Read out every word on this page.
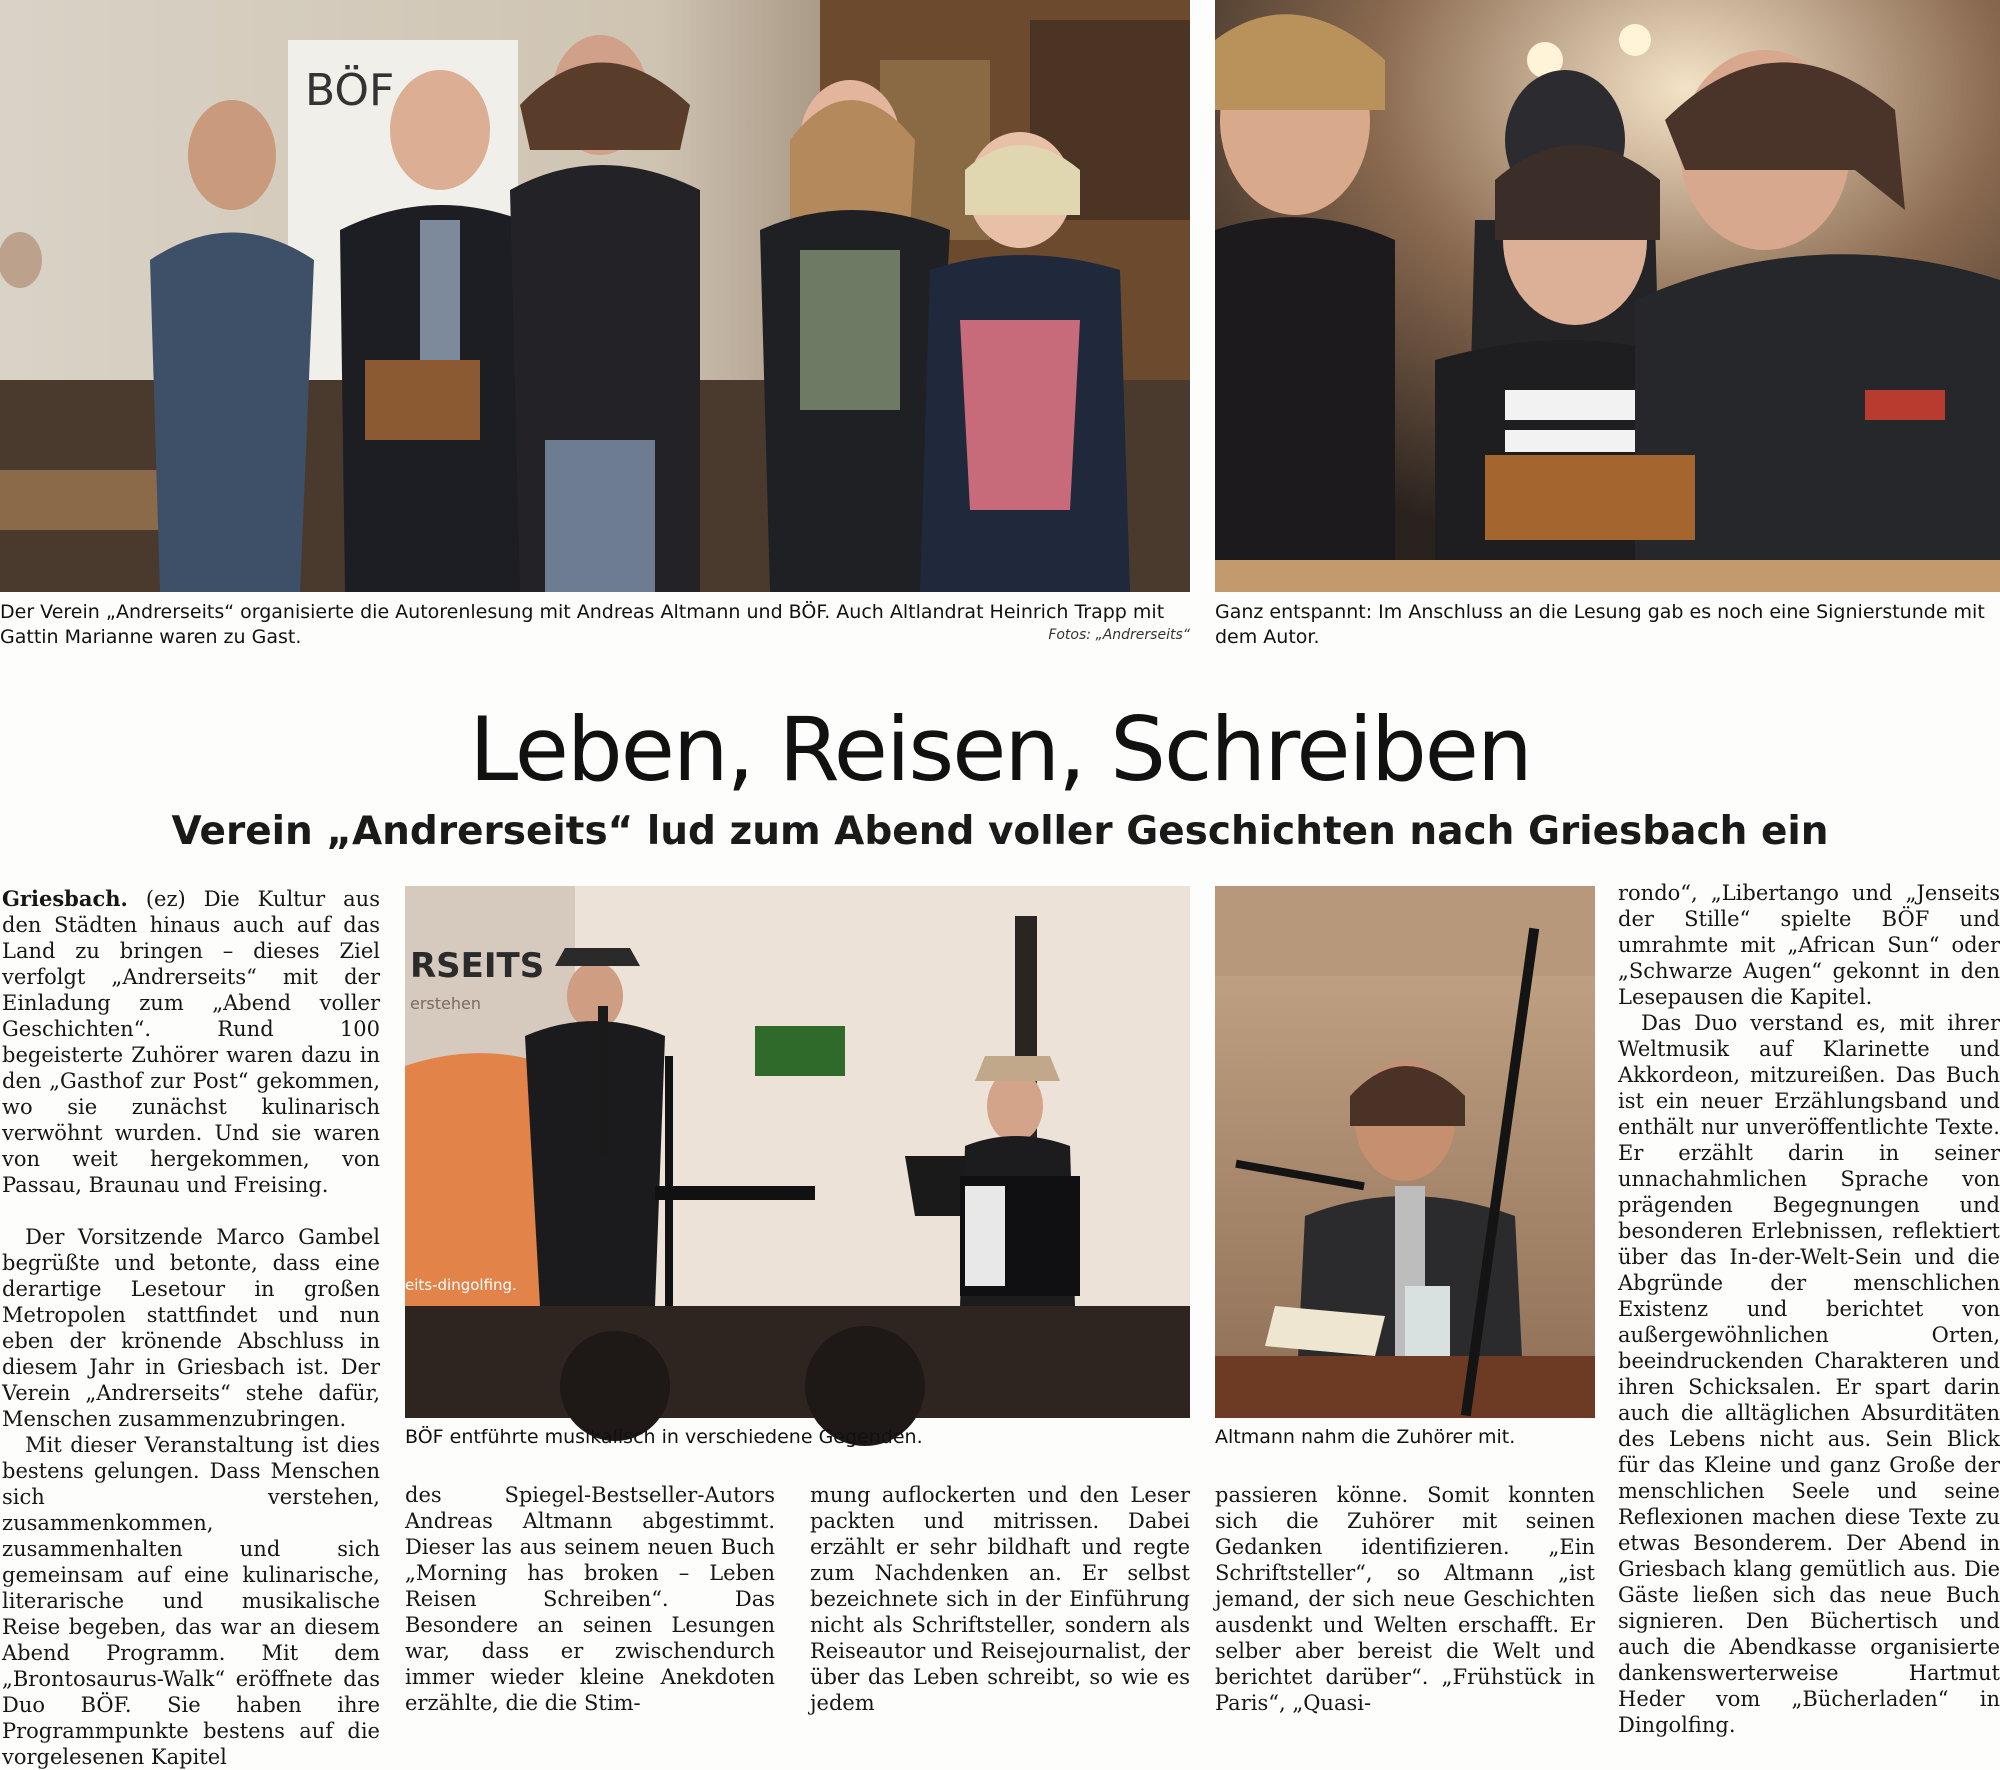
BÖF
Der Verein „Andrerseits“ organisierte die Autorenlesung mit Andreas Altmann und BÖF. Auch Altlandrat Heinrich Trapp mit Gattin Marianne waren zu Gast.	Fotos: „Andrerseits“
Ganz entspannt: Im Anschluss an die Lesung gab es noch eine Signierstunde mit dem Autor.
Leben, Reisen, Schreiben
Verein „Andrerseits“ lud zum Abend voller Geschichten nach Griesbach ein

Griesbach. (ez) Die Kultur aus den Städten hinaus auch auf das Land zu bringen – dieses Ziel verfolgt „Andrerseits“ mit der Einladung zum „Abend voller Geschichten“. Rund 100 begeisterte Zuhörer waren dazu in den „Gasthof zur Post“ gekommen, wo sie zunächst kulinarisch verwöhnt wurden. Und sie waren von weit hergekommen, von Passau, Braunau und Freising.

Der Vorsitzende Marco Gambel begrüßte und betonte, dass eine derartige Lesetour in großen Metropolen stattfindet und nun eben der krönende Abschluss in diesem Jahr in Griesbach ist. Der Verein „Andrerseits“ stehe dafür, Menschen zusammenzubringen.

Mit dieser Veranstaltung ist dies bestens gelungen. Dass Menschen sich verstehen, zusammenkommen, zusammenhalten und sich gemeinsam auf eine kulinarische, literarische und musikalische Reise begeben, das war an diesem Abend Programm. Mit dem „Brontosaurus-Walk“ eröffnete das Duo BÖF. Sie haben ihre Programmpunkte bestens auf die vorgelesenen Kapitel

RSEITS
erstehen
eits-dingolfing.
BÖF entführte musikalisch in verschiedene Gegenden.	Altmann nahm die Zuhörer mit.

des Spiegel-Bestseller-Autors Andreas Altmann abgestimmt. Dieser las aus seinem neuen Buch „Morning has broken – Leben Reisen Schreiben“. Das Besondere an seinen Lesungen war, dass er zwischendurch immer wieder kleine Anekdoten erzählte, die die Stim-

mung auflockerten und den Leser packten und mitrissen. Dabei erzählt er sehr bildhaft und regte zum Nachdenken an. Er selbst bezeichnete sich in der Einführung nicht als Schriftsteller, sondern als Reiseautor und Reisejournalist, der über das Leben schreibt, so wie es jedem

passieren könne. Somit konnten sich die Zuhörer mit seinen Gedanken identifizieren. „Ein Schriftsteller“, so Altmann „ist jemand, der sich neue Geschichten ausdenkt und Welten erschafft. Er selber aber bereist die Welt und berichtet darüber“. „Frühstück in Paris“, „Quasi-

rondo“, „Libertango und „Jenseits der Stille“ spielte BÖF und umrahmte mit „African Sun“ oder „Schwarze Augen“ gekonnt in den Lesepausen die Kapitel.

Das Duo verstand es, mit ihrer Weltmusik auf Klarinette und Akkordeon, mitzureißen. Das Buch ist ein neuer Erzählungsband und enthält nur unveröffentlichte Texte. Er erzählt darin in seiner unnachahmlichen Sprache von prägenden Begegnungen und besonderen Erlebnissen, reflektiert über das In-der-Welt-Sein und die Abgründe der menschlichen Existenz und berichtet von außergewöhnlichen Orten, beeindruckenden Charakteren und ihren Schicksalen. Er spart darin auch die alltäglichen Absurditäten des Lebens nicht aus. Sein Blick für das Kleine und ganz Große der menschlichen Seele und seine Reflexionen machen diese Texte zu etwas Besonderem. Der Abend in Griesbach klang gemütlich aus. Die Gäste ließen sich das neue Buch signieren. Den Büchertisch und auch die Abendkasse organisierte dankenswerterweise Hartmut Heder vom „Bücherladen“ in Dingolfing.
